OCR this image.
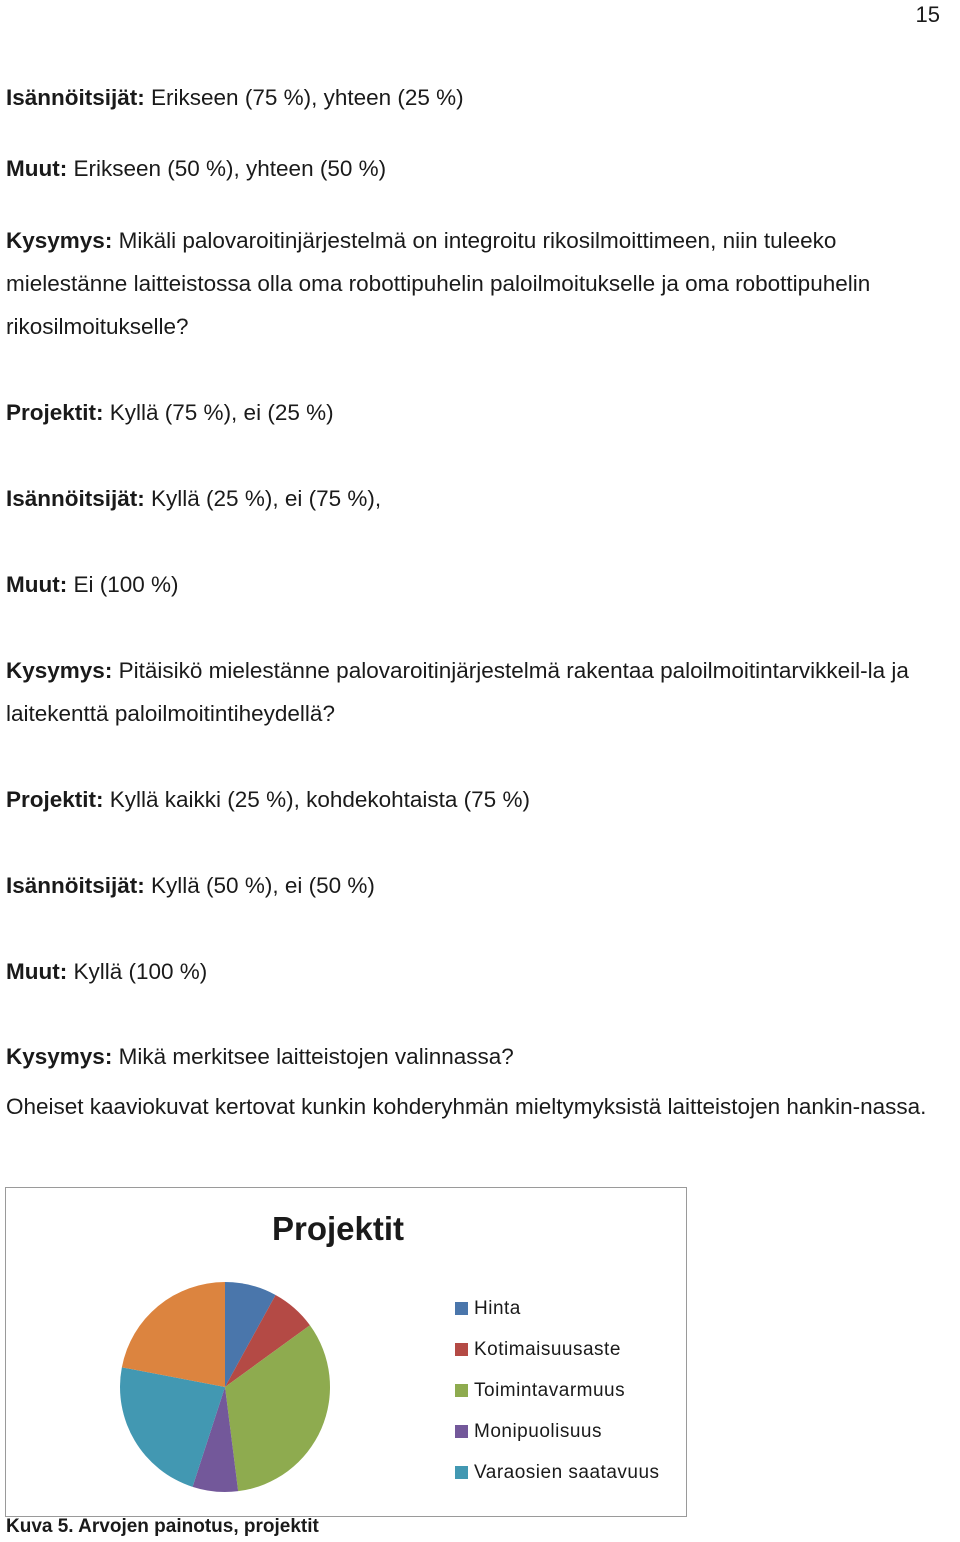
15

Isännöitsijät: Erikseen (75 %), yhteen (25 %)

Muut: Erikseen (50 %), yhteen (50 %)

Kysymys: Mikäli palovaroitinjärjestelmä on integroitu rikosilmoittimeen, niin tuleeko mielestänne laitteistossa olla oma robottipuhelin paloilmoitukselle ja oma robottipuhelin rikosilmoitukselle?

Projektit: Kyllä (75 %), ei (25 %)

Isännöitsijät: Kyllä (25 %), ei (75 %),

Muut: Ei (100 %)

Kysymys: Pitäisikö mielestänne palovaroitinjärjestelmä rakentaa paloilmoitintarvikkeil-la ja laitekenttä paloilmoitintiheydellä?

Projektit: Kyllä kaikki (25 %), kohdekohtaista (75 %)

Isännöitsijät: Kyllä (50 %), ei (50 %)

Muut: Kyllä (100 %)

Kysymys: Mikä merkitsee laitteistojen valinnassa?

Oheiset kaaviokuvat kertovat kunkin kohderyhmän mieltymyksistä laitteistojen hankin-nassa.

Projektit
Hinta
Kotimaisuusaste
Toimintavarmuus
Monipuolisuus
Varaosien saatavuus
Kuva 5. Arvojen painotus, projektit
